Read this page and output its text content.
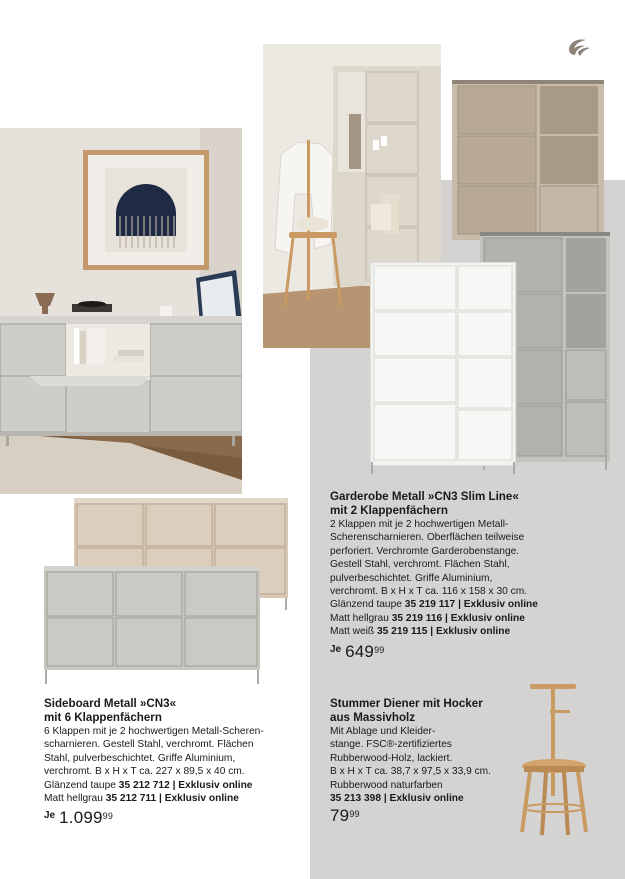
Garderobe Metall »CN3 Slim Line«
mit 2 Klappenfächern
2 Klappen mit je 2 hochwertigen Metall-
Scherenscharnieren. Oberflächen teilweise
perforiert. Verchromte Garderobenstange.
Gestell Stahl, verchromt. Flächen Stahl,
pulverbeschichtet. Griffe Aluminium,
verchromt. B x H x T ca. 116 x 158 x 30 cm.
Glänzend taupe 35 219 117 | Exklusiv online
Matt hellgrau 35 219 116 | Exklusiv online
Matt weiß 35 219 115 | Exklusiv online
Je $649^{99}$
Sideboard Metall »CN3«
mit 6 Klappenfächern
6 Klappen mit je 2 hochwertigen Metall-Scheren-
scharnieren. Gestell Stahl, verchromt. Flächen
Stahl, pulverbeschichtet. Griffe Aluminium,
verchromt. B x H x T ca. 227 x 89,5 x 40 cm.
Glänzend taupe 35 212 712 | Exklusiv online
Matt hellgrau 35 212 711 | Exklusiv online
Je 1.099$^{99}$
Stummer Diener mit Hocker
aus Massivholz
Mit Ablage und Kleider-
stange. FSC®-zertifiziertes
Rubberwood-Holz, lackiert.
B x H x T ca. 38,7 x 97,5 x 33,9 cm.
Rubberwood naturfarben
35 213 398 | Exklusiv online
$79^{99}$
